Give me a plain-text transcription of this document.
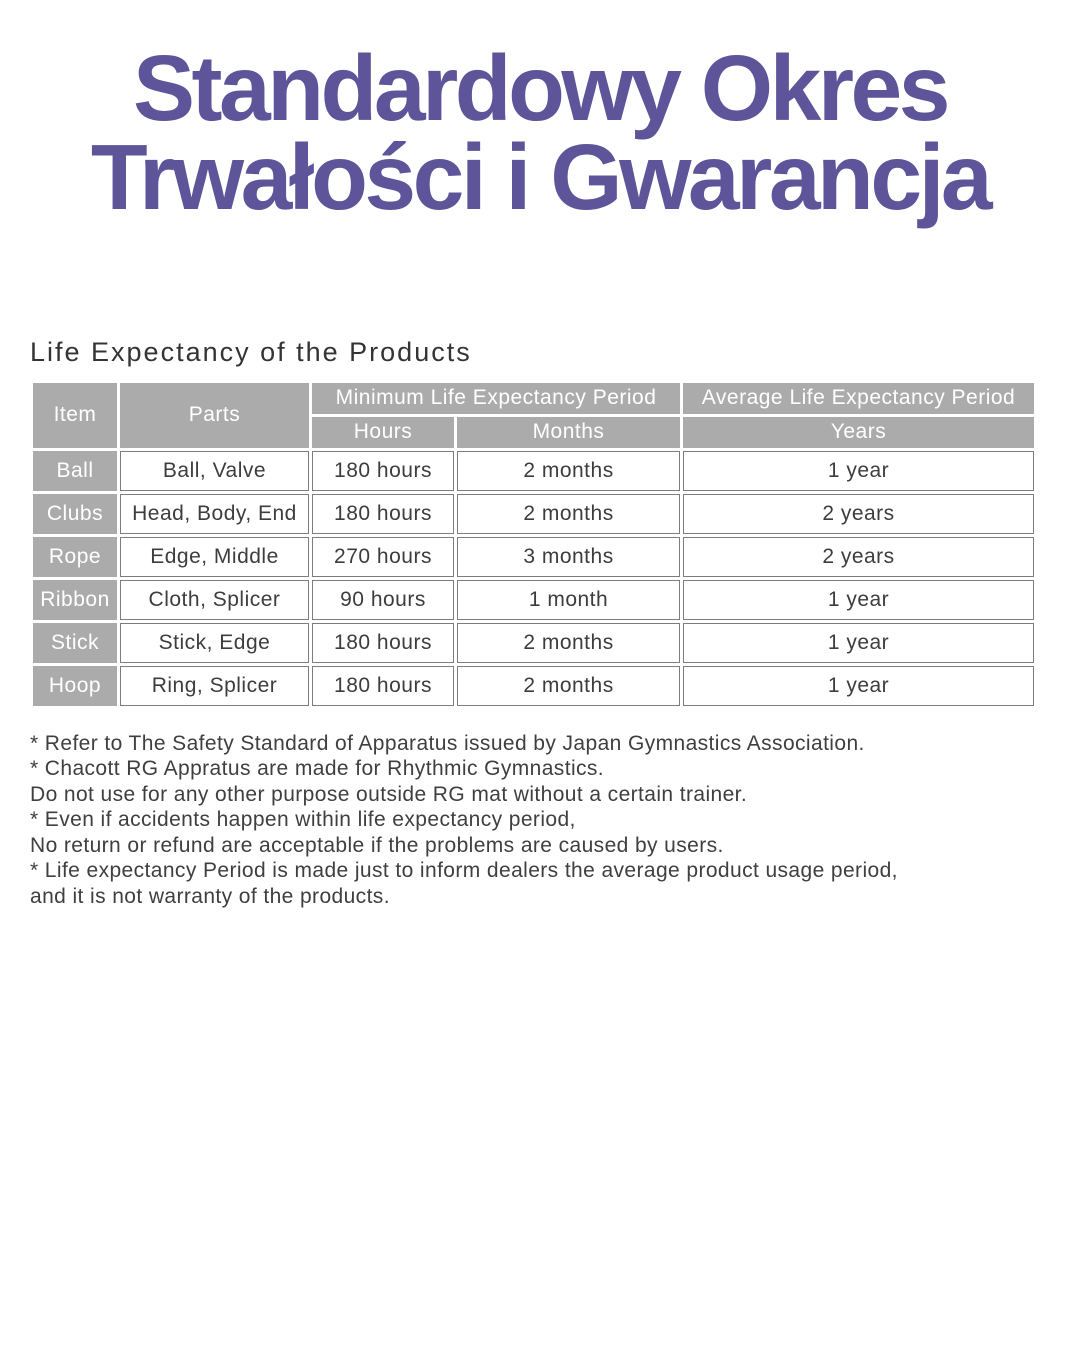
Standardowy Okres
Trwałości i Gwarancja
Life Expectancy of the Products
Item	Parts	Minimum Life Expectancy Period		Average Life Expectancy Period
		Hours	Months	Years
Ball	Ball, Valve	180 hours	2 months	1 year
Clubs	Head, Body, End	180 hours	2 months	2 years
Rope	Edge, Middle	270 hours	3 months	2 years
Ribbon	Cloth, Splicer	90 hours	1 month	1 year
Stick	Stick, Edge	180 hours	2 months	1 year
Hoop	Ring, Splicer	180 hours	2 months	1 year
* Refer to The Safety Standard of Apparatus issued by Japan Gymnastics Association.
* Chacott RG Appratus are made for Rhythmic Gymnastics.
Do not use for any other purpose outside RG mat without a certain trainer.
* Even if accidents happen within life expectancy period,
No return or refund are acceptable if the problems are caused by users.
* Life expectancy Period is made just to inform dealers the average product usage period,
and it is not warranty of the products.
